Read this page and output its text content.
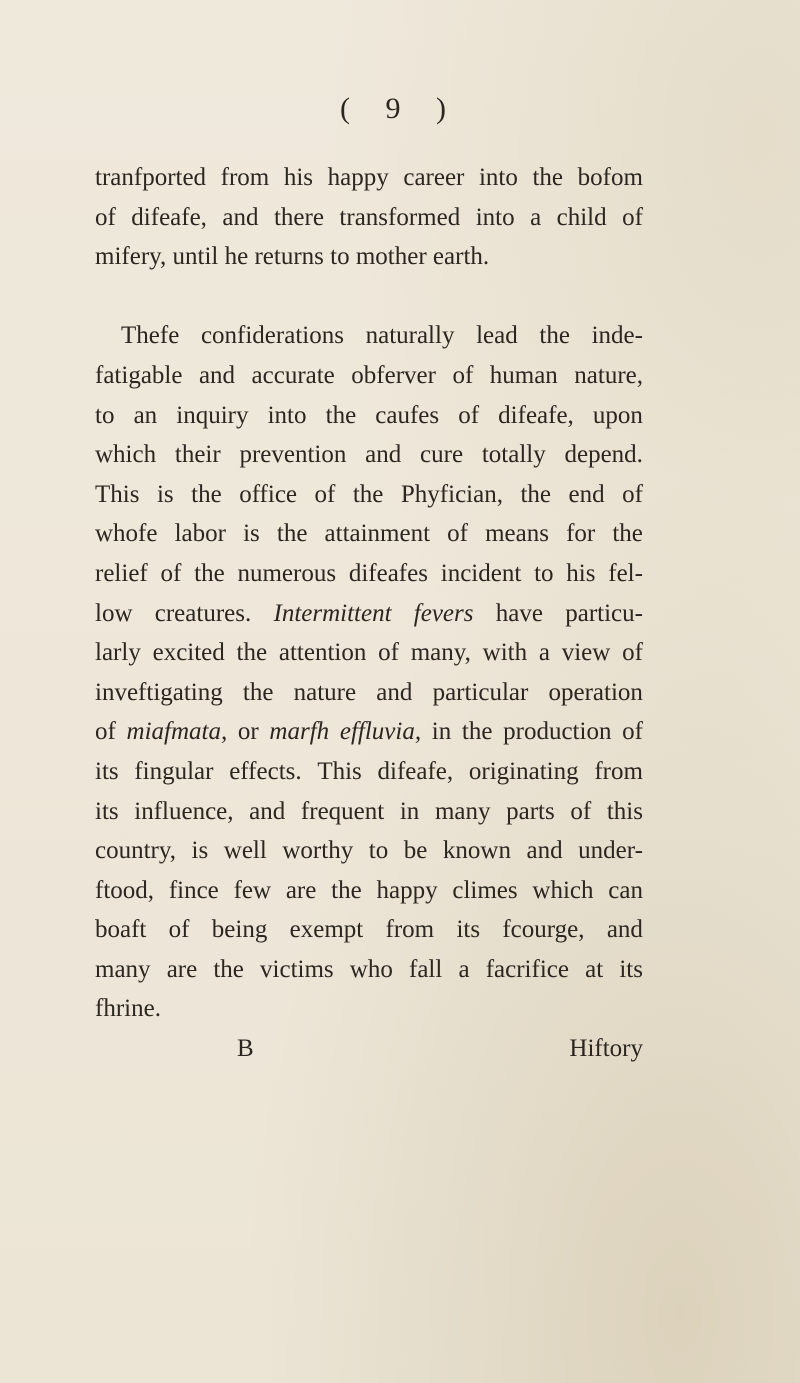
( 9 )
tranfported from his happy career into the bofom
of difeafe, and there transformed into a child of
mifery, until he returns to mother earth.
Thefe confiderations naturally lead the inde-
fatigable and accurate obferver of human nature,
to an inquiry into the caufes of difeafe, upon
which their prevention and cure totally depend.
This is the office of the Phyfician, the end of
whofe labor is the attainment of means for the
relief of the numerous difeafes incident to his fel-
low creatures. Intermittent fevers have particu-
larly excited the attention of many, with a view of
inveftigating the nature and particular operation
of miafmata, or marfh effluvia, in the production of
its fingular effects. This difeafe, originating from
its influence, and frequent in many parts of this
country, is well worthy to be known and under-
ftood, fince few are the happy climes which can
boaft of being exempt from its fcourge, and
many are the victims who fall a facrifice at its
fhrine.
B	Hiftory
